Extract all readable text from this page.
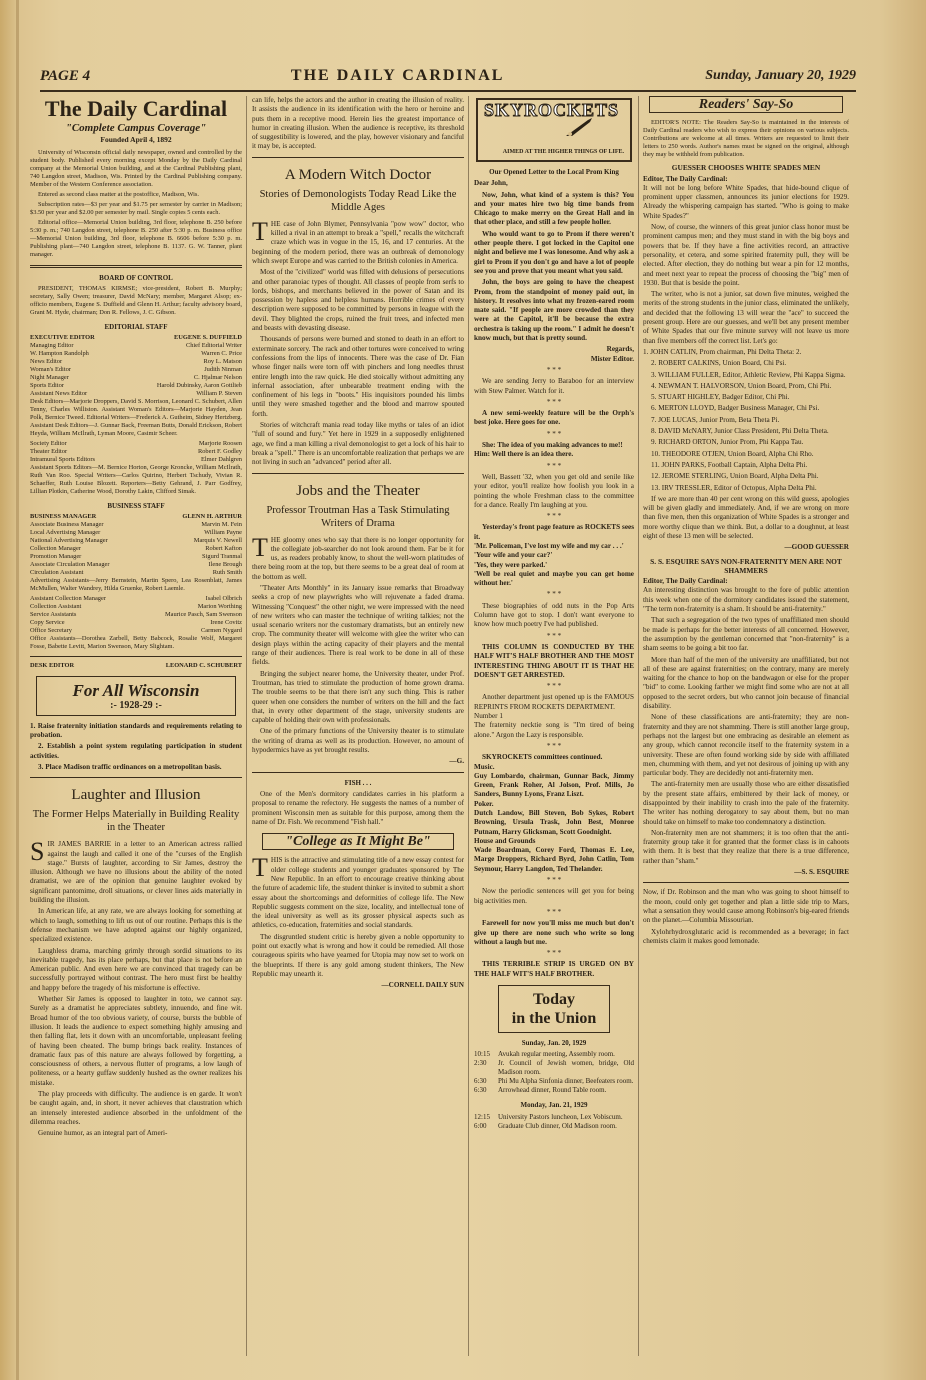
PAGE 4	THE DAILY CARDINAL	Sunday, January 20, 1929
The Daily Cardinal
"Complete Campus Coverage"
Founded April 4, 1892

University of Wisconsin official daily newspaper, owned and controlled by the student body. Published every morning except Monday by the Daily Cardinal company at the Memorial Union building, and at the Cardinal Publishing plant, 740 Langdon street, Madison, Wis. Printed by the Cardinal Publishing company. Member of the Western Conference association.

Entered as second class matter at the postoffice, Madison, Wis.

Subscription rates—$3 per year and $1.75 per semester by carrier in Madison; $3.50 per year and $2.00 per semester by mail. Single copies 5 cents each.

Editorial office—Memorial Union building, 3rd floor, telephone B. 250 before 5:30 p. m.; 740 Langdon street, telephone B. 250 after 5:30 p. m. Business office—Memorial Union building, 3rd floor, telephone B. 6606 before 5:30 p. m. Publishing plant—740 Langdon street, telephone B. 1137. G. W. Tanner, plant manager.

BOARD OF CONTROL

PRESIDENT, THOMAS KIRMSE; vice-president, Robert B. Murphy; secretary, Sally Owen; treasurer, David McNary; member, Margaret Alsop; ex-officio members, Eugene S. Duffield and Glenn H. Arthur; faculty advisory board, Grant M. Hyde, chairman; Don R. Fellows, J. C. Gibson.

EDITORIAL STAFF
EXECUTIVE EDITOR	EUGENE S. DUFFIELD
Managing Editor	Chief Editorial Writer
W. Hampton Randolph	Warren C. Price
News Editor	Roy L. Matson
Woman's Editor	Judith Ninman
Night Manager	C. Hjalmar Nelson
Sports Editor	Harold Dubinsky, Aaron Gottlieb
Assistant News Editor	William P. Steven

Desk Editors—Marjorie Droppers, David S. Morrison, Leonard C. Schubert, Allen Tenny, Charles Williston. Assistant Woman's Editors—Marjorie Hayden, Jean Polk, Bernice Tweed. Editorial Writers—Frederick A. Gutheim, Sidney Hertzberg. Assistant Desk Editors—J. Gunnar Back, Freeman Butts, Donald Erickson, Robert Heyda, William McIlrath, Lyman Moore, Casimir Scheer.

Society Editor	Marjorie Roosen
Theater Editor	Robert F. Godley
Intramural Sports Editors	Elmer Dahlgren

Assistant Sports Editors—M. Bernice Horton, George Kroncke, William McIlrath, Ruth Van Roo. Special Writers—Carlos Quirino, Herbert Tschudy, Vivian R. Schaeffer, Ruth Louise Blozett. Reporters—Betty Gehrand, J. Parr Godfrey, Lillian Plotkin, Catherine Wood, Dorothy Lakin, Clifford Simak.

BUSINESS STAFF
BUSINESS MANAGER	GLENN H. ARTHUR
Associate Business Manager	Marvin M. Fein
Local Advertising Manager	William Payne
National Advertising Manager	Marquis V. Newell
Collection Manager	Robert Kafton
Promotion Manager	Sigurd Tranmal
Associate Circulation Manager	Ilene Brough
Circulation Assistant	Ruth Smith

Advertising Assistants—Jerry Bernstein, Martin Spero, Lea Rosenblatt, James McMullen, Walter Wandrey, Hilda Gruenke, Robert Laemle.

Assistant Collection Manager	Isabel Olbrich
Collection Assistant	Marion Worthing
Service Assistants	Maurice Pasch, Sam Swenson
Copy Service	Irene Covitz
Office Secretary	Carmen Nygard

Office Assistants—Dorothea Zarbell, Betty Babcock, Rosalie Wolf, Margaret Fosse, Babette Levitt, Marion Swenson, Mary Slightam.

DESK EDITOR	LEONARD C. SCHUBERT
For All Wisconsin
:- 1928-29 :-

1. Raise fraternity initiation standards and requirements relating to probation.

2. Establish a point system regulating participation in student activities.

3. Place Madison traffic ordinances on a metropolitan basis.

Laughter and Illusion
The Former Helps Materially in Building Reality in the Theater
S IR JAMES BARRIE in a letter to an American actress rallied against the laugh and called it one of the "curses of the English stage." Bursts of laughter, according to Sir James, destroy the illusion. Although we have no illusions about the ability of the noted dramatist, we are of the opinion that genuine laughter evoked by significant pantomime, droll situations, or clever lines aids materially in building the illusion.

In American life, at any rate, we are always looking for something at which to laugh, something to lift us out of our routine. Perhaps this is the defense mechanism we have adopted against our highly organized, specialized existence.

Laughless drama, marching grimly through sordid situations to its inevitable tragedy, has its place perhaps, but that place is not before an American public. And even here we are convinced that tragedy can be successfully portrayed without contrast. The hero must first be healthy and happy before the tragedy of his misfortune is effective.

Whether Sir James is opposed to laughter in toto, we cannot say. Surely as a dramatist he appreciates subtlety, innuendo, and fine wit. Broad humor of the too obvious variety, of course, bursts the bubble of illusion. It leads the audience to expect something highly amusing and then falling flat, lets it down with an uncomfortable, unpleasant feeling of having been cheated. The bump brings back reality. Instances of dramatic faux pas of this nature are always followed by forgetting, a consciousness of others, a nervous flutter of programs, a low laugh of politeness, or a hearty guffaw suddenly hushed as the owner realizes his mistake.

The play proceeds with difficulty. The audience is en garde. It won't be caught again, and, in short, it never achieves that claustration which an intensely interested audience absorbed in the unfoldment of the dilemma reaches.

Genuine humor, as an integral part of Ameri-

can life, helps the actors and the author in creating the illusion of reality. It assists the audience in its identification with the hero or heroine and puts them in a receptive mood. Herein lies the greatest importance of humor in creating illusion. When the audience is receptive, its threshold of suggestibility is lowered, and the play, however visionary and fanciful it may be, is accepted.

A Modern Witch Doctor
Stories of Demonologists Today Read Like the Middle Ages
T HE case of John Blymer, Pennsylvania "pow wow" doctor, who killed a rival in an attempt to break a "spell," recalls the witchcraft craze which was in vogue in the 15, 16, and 17 centuries. At the beginning of the modern period, there was an outbreak of demonology which swept Europe and was carried to the British colonies in America.

Most of the "civilized" world was filled with delusions of persecutions and other paranoiac types of thought. All classes of people from serfs to lords, bishops, and merchants believed in the power of Satan and its possession by hapless and helpless humans. Horrible crimes of every description were supposed to be committed by persons in league with the devil. They blighted the crops, ruined the fruit trees, and infected men and beasts with devasting disease.

Thousands of persons were burned and stoned to death in an effort to exterminate sorcery. The rack and other tortures were conceived to wring confessions from the lips of innocents. There was the case of Dr. Fian whose finger nails were torn off with pinchers and long needles thrust entire length into the raw quick. He died stoically without admitting any infernal association, after unbearable treatment ending with the confinement of his legs in "boots." His inquisitors pounded his limbs until they were smashed together and the blood and marrow spouted forth.

Stories of witchcraft mania read today like myths or tales of an idiot "full of sound and fury." Yet here in 1929 in a supposedly enlightened age, we find a man killing a rival demonologist to get a lock of his hair to break a "spell." There is an uncomfortable realization that perhaps we are not living in such an "advanced" period after all.

Jobs and the Theater
Professor Troutman Has a Task Stimulating Writers of Drama
T HE gloomy ones who say that there is no longer opportunity for the collegiate job-searcher do not look around them. Far be it for us, as readers probably know, to shout the well-worn platitudes of there being room at the top, but there seems to be a great deal of room at the bottom as well.

"Theater Arts Monthly" in its January issue remarks that Broadway seeks a crop of new playwrights who will rejuvenate a faded drama. Witnessing "Conquest" the other night, we were impressed with the need of new writers who can master the technique of writing talkies; not the usual scenario writers nor the customary dramatists, but an entirely new crop. The community theater will welcome with glee the writer who can design plays within the acting capacity of their players and the mental range of their audiences. There is real work to be done in all of these fields.

Bringing the subject nearer home, the University theater, under Prof. Troutman, has tried to stimulate the production of home grown drama. The trouble seems to be that there isn't any such thing. This is rather queer when one considers the number of writers on the hill and the fact that, in every other department of the stage, university students are capable of holding their own with professionals.

One of the primary functions of the University theater is to stimulate the writing of drama as well as its production. However, no amount of hypodermics have as yet brought results.

—G.
FISH . . .

One of the Men's dormitory candidates carries in his platform a proposal to rename the refectory. He suggests the names of a number of prominent Wisconsin men as suitable for this purpose, among them the name of Dr. Fish. We recommend "Fish hall."

"College as It Might Be"
T HIS is the attractive and stimulating title of a new essay contest for older college students and younger graduates sponsored by The New Republic. In an effort to encourage creative thinking about the future of academic life, the student thinker is invited to submit a short essay about the shortcomings and deformities of college life. The New Republic suggests comment on the size, locality, and intellectual tone of the ideal university as well as its grosser physical aspects such as athletics, co-education, fraternities and social standards.

The disgruntled student critic is hereby given a noble opportunity to point out exactly what is wrong and how it could be remedied. All those courageous spirits who have yearned for Utopia may now set to work on the blueprints. If there is any gold among student thinkers, The New Republic may unearth it.

—CORNELL DAILY SUN
SKYROCKETS
AIMED AT THE HIGHER THINGS OF LIFE.
Our Opened Letter to the Local Prom King

Dear John,

Now, John, what kind of a system is this? You and your mates hire two big time bands from Chicago to make merry on the Great Hall and in that other place, and still a few people holler.

Who would want to go to Prom if there weren't other people there. I got locked in the Capitol one night and believe me I was lonesome. And why ask a girl to Prom if you don't go and have a lot of people see you and prove that you meant what you said.

John, the boys are going to have the cheapest Prom, from the standpoint of money paid out, in history. It resolves into what my frozen-eared room mate said. "If people are more crowded than they were at the Capitol, it'll be because the extra orchestra is taking up the room." I admit he doesn't know much, but that is pretty sound.

Regards,
Mister Editor.
* * *

We are sending Jerry to Baraboo for an interview with Stew Palmer. Watch for it.

* * *

A new semi-weekly feature will be the Orph's best joke. Here goes for one.

* * *

She: The idea of you making advances to me!!
Him: Well there is an idea there.

* * *

Well, Bassett '32, when you get old and senile like your editor, you'll realize how foolish you look in a pointing the whole Freshman class to the committee for a dance. Really I'm laughing at you.

* * *

Yesterday's front page feature as ROCKETS sees it.
'Mr. Policeman, I've lost my wife and my car . . .'
'Your wife and your car?'
'Yes, they were parked.'
'Well be real quiet and maybe you can get home without her.'

* * *

These biographies of odd nuts in the Pop Arts Column have got to stop. I don't want everyone to know how much poetry I've had published.

* * *

THIS COLUMN IS CONDUCTED BY THE HALF WIT'S HALF BROTHER AND THE MOST INTERESTING THING ABOUT IT IS THAT HE DOESN'T GET ARRESTED.

* * *

Another department just opened up is the FAMOUS REPRINTS FROM ROCKETS DEPARTMENT.
Number 1
The fraternity necktie song is "I'm tired of being alone." Argon the Lazy is responsible.

* * *

SKYROCKETS committees continued.
Music.
Guy Lombardo, chairman, Gunnar Back, Jimmy Green, Frank Roher, Al Jolson, Prof. Mills, Jo Sanders, Bunny Lyons, Franz Liszt.
Poker.
Dutch Landow, Bill Steven, Bob Sykes, Robert Browning, Ursula Trask, John Best, Monroe Putnam, Harry Glicksman, Scott Goodnight.
House and Grounds
Wade Boardman, Corey Ford, Thomas E. Lee, Marge Droppers, Richard Byrd, John Catlin, Tom Seymour, Harry Langdon, Ted Thelander.

* * *

Now the periodic sentences will get you for being big activities men.

* * *

Farewell for now you'll miss me much but don't give up there are none such who write so long without a laugh but me.

* * *

THIS TERRIBLE STRIP IS URGED ON BY THE HALF WIT'S HALF BROTHER.

Today
in the Union
Sunday, Jan. 20, 1929
10:15	Avukah regular meeting, Assembly room.
2:30	Jr. Council of Jewish women, bridge, Old Madison room.
6:30	Phi Mu Alpha Sinfonia dinner, Beefeaters room.
6:30	Arrowhead dinner, Round Table room.
Monday, Jan. 21, 1929
12:15	University Pastors luncheon, Lex Vobiscum.
6:00	Graduate Club dinner, Old Madison room.
Readers' Say-So

EDITOR'S NOTE: The Readers Say-So is maintained in the interests of Daily Cardinal readers who wish to express their opinions on various subjects. Contributions are welcome at all times. Writers are requested to limit their letters to 250 words. Author's names must be signed on the original, although they may be withheld from publication.

GUESSER CHOOSES WHITE SPADES MEN
Editor, The Daily Cardinal:

It will not be long before White Spades, that hide-bound clique of prominent upper classmen, announces its junior elections for 1929. Already the whispering campaign has started. "Who is going to make White Spades?"

Now, of course, the winners of this great junior class honor must be prominent campus men; and they must stand in with the big boys and powers that be. If they have a fine activities record, an attractive personality, et cetera, and some spirited fraternity pull, they will be elected. After election, they do nothing but wear a pin for 12 months, and meet next year to repeat the process of choosing the "big" men of 1930. But that is beside the point.

The writer, who is not a junior, sat down five minutes, weighed the merits of the strong students in the junior class, eliminated the unlikely, and decided that the following 13 will wear the "ace" to succeed the present group. Here are our guesses, and we'll bet any present member of White Spades that our five minute survey will not leave us more than five members off the correct list. Let's go:

1. JOHN CATLIN, Prom chairman, Phi Delta Theta: 2.

2. ROBERT CALKINS, Union Board, Chi Psi.

3. WILLIAM FULLER, Editor, Athletic Review, Phi Kappa Sigma.

4. NEWMAN T. HALVORSON, Union Board, Prom, Chi Phi.

5. STUART HIGHLEY, Badger Editor, Chi Phi.

6. MERTON LLOYD, Badger Business Manager, Chi Psi.

7. JOE LUCAS, Junior Prom, Beta Theta Pi.

8. DAVID McNARY, Junior Class President, Phi Delta Theta.

9. RICHARD ORTON, Junior Prom, Phi Kappa Tau.

10. THEODORE OTJEN, Union Board, Alpha Chi Rho.

11. JOHN PARKS, Football Captain, Alpha Delta Phi.

12. JEROME STERLING, Union Board, Alpha Delta Phi.

13. IRV TRESSLER, Editor of Octopus, Alpha Delta Phi.

If we are more than 40 per cent wrong on this wild guess, apologies will be given gladly and immediately. And, if we are wrong on more than five men, then this organization of White Spades is a stronger and more worthy clique than we think. But, a dollar to a doughnut, at least eight of these 13 men will be selected.

—GOOD GUESSER
S. S. ESQUIRE SAYS NON-FRATERNITY MEN ARE NOT SHAMMERS
Editor, The Daily Cardinal:

An interesting distinction was brought to the fore of public attention this week when one of the dormitory candidates issued the statement, "The term non-fraternity is a sham. It should be anti-fraternity."

That such a segregation of the two types of unaffiliated men should be made is perhaps for the better interests of all concerned. However, the assumption by the gentleman concerned that "non-fraternity" is a sham seems to be going a bit too far.

More than half of the men of the university are unaffiliated, but not all of these are against fraternities; on the contrary, many are merely waiting for the chance to hop on the bandwagon or else for the proper "bid" to come. Looking farther we might find some who are not at all opposed to the secret orders, but who cannot join because of financial disability.

None of these classifications are anti-fraternity; they are non-fraternity and they are not shamming. There is still another large group, perhaps not the largest but one embracing as desirable an element as any group, which cannot reconcile itself to the fraternity system in a university. These are often found working side by side with affiliated men, chumming with them, and yet not desirous of joining up with any particular body. They are decidedly not anti-fraternity men.

The anti-fraternity men are usually those who are either dissatisfied by the present state affairs, embittered by their lack of money, or disappointed by their inability to crash into the pale of the fraternity. The writer has nothing derogatory to say about them, but no man should take on himself to make too condemnatory a distinction.

Non-fraternity men are not shammers; it is too often that the anti-fraternity group take it for granted that the former class is in cahoots with them. It is best that they realize that there is a true difference, rather than "sham."

—S. S. ESQUIRE

Now, if Dr. Robinson and the man who was going to shoot himself to the moon, could only get together and plan a little side trip to Mars, what a sensation they would cause among Robinson's big-eared friends on the planet.—Columbia Missourian.

Xylohrhydroxglutaric acid is recommended as a beverage; in fact chemists claim it makes good lemonade.
